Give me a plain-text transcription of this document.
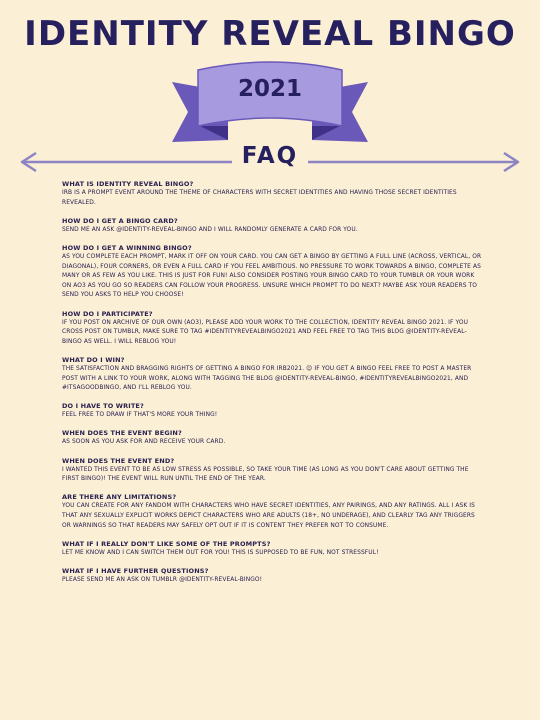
IDENTITY REVEAL BINGO
2021
FAQ
WHAT IS IDENTITY REVEAL BINGO?
IRB IS A PROMPT EVENT AROUND THE THEME OF CHARACTERS WITH SECRET IDENTITIES AND HAVING THOSE SECRET IDENTITIES REVEALED.
HOW DO I GET A BINGO CARD?
SEND ME AN ASK @IDENTITY-REVEAL-BINGO AND I WILL RANDOMLY GENERATE A CARD FOR YOU.
HOW DO I GET A WINNING BINGO?
AS YOU COMPLETE EACH PROMPT, MARK IT OFF ON YOUR CARD. YOU CAN GET A BINGO BY GETTING A FULL LINE (ACROSS, VERTICAL, OR DIAGONAL), FOUR CORNERS, OR EVEN A FULL CARD IF YOU FEEL AMBITIOUS. NO PRESSURE TO WORK TOWARDS A BINGO, COMPLETE AS MANY OR AS FEW AS YOU LIKE. THIS IS JUST FOR FUN! ALSO CONSIDER POSTING YOUR BINGO CARD TO YOUR TUMBLR OR YOUR WORK ON AO3 AS YOU GO SO READERS CAN FOLLOW YOUR PROGRESS. UNSURE WHICH PROMPT TO DO NEXT? MAYBE ASK YOUR READERS TO SEND YOU ASKS TO HELP YOU CHOOSE!
HOW DO I PARTICIPATE?
IF YOU POST ON ARCHIVE OF OUR OWN (AO3), PLEASE ADD YOUR WORK TO THE COLLECTION, IDENTITY REVEAL BINGO 2021. IF YOU CROSS POST ON TUMBLR, MAKE SURE TO TAG #IDENTITYREVEALBINGO2021 AND FEEL FREE TO TAG THIS BLOG @IDENTITY-REVEAL-BINGO AS WELL. I WILL REBLOG YOU!
WHAT DO I WIN?
THE SATISFACTION AND BRAGGING RIGHTS OF GETTING A BINGO FOR IRB2021. 😉 IF YOU GET A BINGO FEEL FREE TO POST A MASTER POST WITH A LINK TO YOUR WORK, ALONG WITH TAGGING THE BLOG @IDENTITY-REVEAL-BINGO, #IDENTITYREVEALBINGO2021, AND #ITSAGOODBINGO, AND I'LL REBLOG YOU.
DO I HAVE TO WRITE?
FEEL FREE TO DRAW IF THAT'S MORE YOUR THING!
WHEN DOES THE EVENT BEGIN?
AS SOON AS YOU ASK FOR AND RECEIVE YOUR CARD.
WHEN DOES THE EVENT END?
I WANTED THIS EVENT TO BE AS LOW STRESS AS POSSIBLE, SO TAKE YOUR TIME (AS LONG AS YOU DON'T CARE ABOUT GETTING THE FIRST BINGO)! THE EVENT WILL RUN UNTIL THE END OF THE YEAR.
ARE THERE ANY LIMITATIONS?
YOU CAN CREATE FOR ANY FANDOM WITH CHARACTERS WHO HAVE SECRET IDENTITIES, ANY PAIRINGS, AND ANY RATINGS. ALL I ASK IS THAT ANY SEXUALLY EXPLICIT WORKS DEPICT CHARACTERS WHO ARE ADULTS (18+, NO UNDERAGE), AND CLEARLY TAG ANY TRIGGERS OR WARNINGS SO THAT READERS MAY SAFELY OPT OUT IF IT IS CONTENT THEY PREFER NOT TO CONSUME.
WHAT IF I REALLY DON'T LIKE SOME OF THE PROMPTS?
LET ME KNOW AND I CAN SWITCH THEM OUT FOR YOU! THIS IS SUPPOSED TO BE FUN, NOT STRESSFUL!
WHAT IF I HAVE FURTHER QUESTIONS?
PLEASE SEND ME AN ASK ON TUMBLR @IDENTITY-REVEAL-BINGO!
